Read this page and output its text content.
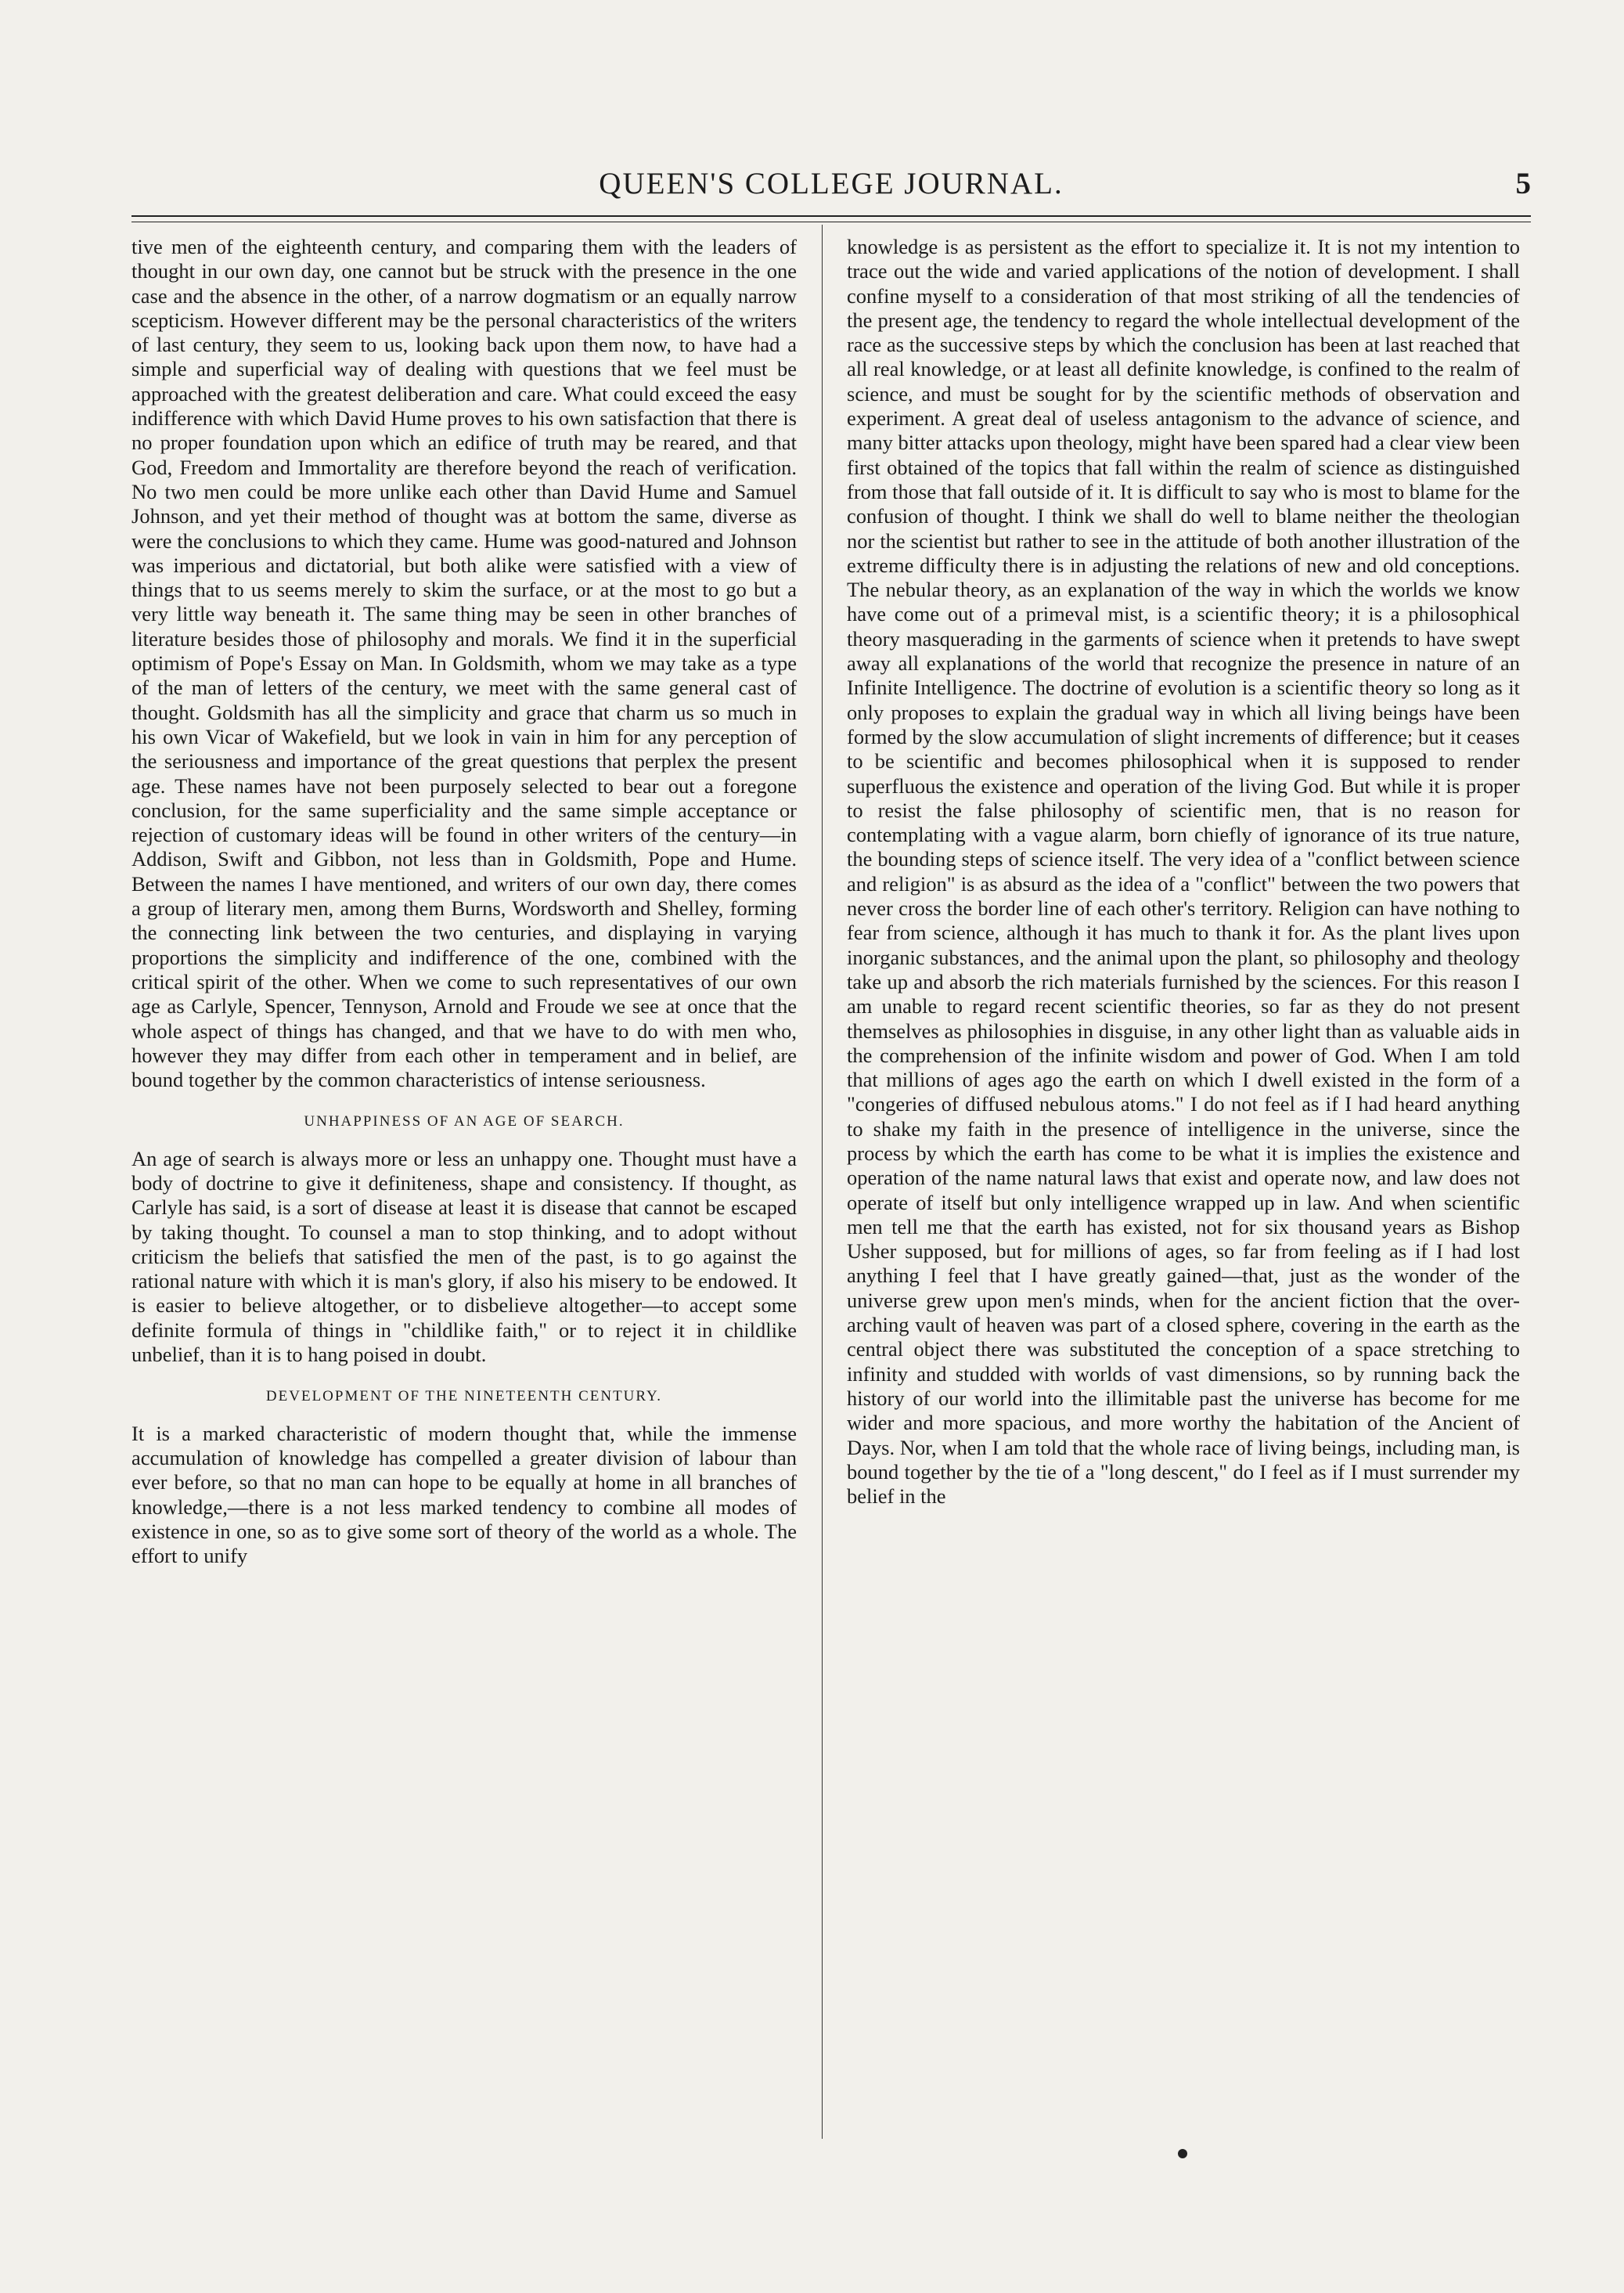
QUEEN'S COLLEGE JOURNAL.	5

tive men of the eighteenth century, and comparing them with the leaders of thought in our own day, one cannot but be struck with the presence in the one case and the absence in the other, of a narrow dogmatism or an equally narrow scepticism. However different may be the personal characteristics of the writers of last century, they seem to us, looking back upon them now, to have had a simple and superficial way of dealing with questions that we feel must be approached with the greatest deliberation and care. What could exceed the easy indifference with which David Hume proves to his own satisfaction that there is no proper foundation upon which an edifice of truth may be reared, and that God, Freedom and Immortality are therefore beyond the reach of verification. No two men could be more unlike each other than David Hume and Samuel Johnson, and yet their method of thought was at bottom the same, diverse as were the conclusions to which they came. Hume was good-natured and Johnson was imperious and dictatorial, but both alike were satisfied with a view of things that to us seems merely to skim the surface, or at the most to go but a very little way beneath it. The same thing may be seen in other branches of literature besides those of philosophy and morals. We find it in the superficial optimism of Pope's Essay on Man. In Goldsmith, whom we may take as a type of the man of letters of the century, we meet with the same general cast of thought. Goldsmith has all the simplicity and grace that charm us so much in his own Vicar of Wakefield, but we look in vain in him for any perception of the seriousness and importance of the great questions that perplex the present age. These names have not been purposely selected to bear out a foregone conclusion, for the same superficiality and the same simple acceptance or rejection of customary ideas will be found in other writers of the century—in Addison, Swift and Gibbon, not less than in Goldsmith, Pope and Hume. Between the names I have mentioned, and writers of our own day, there comes a group of literary men, among them Burns, Wordsworth and Shelley, forming the connecting link between the two centuries, and displaying in varying proportions the simplicity and indifference of the one, combined with the critical spirit of the other. When we come to such representatives of our own age as Carlyle, Spencer, Tennyson, Arnold and Froude we see at once that the whole aspect of things has changed, and that we have to do with men who, however they may differ from each other in temperament and in belief, are bound together by the common characteristics of intense seriousness.

UNHAPPINESS OF AN AGE OF SEARCH.

An age of search is always more or less an unhappy one. Thought must have a body of doctrine to give it definiteness, shape and consistency. If thought, as Carlyle has said, is a sort of disease at least it is disease that cannot be escaped by taking thought. To counsel a man to stop thinking, and to adopt without criticism the beliefs that satisfied the men of the past, is to go against the rational nature with which it is man's glory, if also his misery to be endowed. It is easier to believe altogether, or to disbelieve altogether—to accept some definite formula of things in "childlike faith," or to reject it in childlike unbelief, than it is to hang poised in doubt.

DEVELOPMENT OF THE NINETEENTH CENTURY.

It is a marked characteristic of modern thought that, while the immense accumulation of knowledge has compelled a greater division of labour than ever before, so that no man can hope to be equally at home in all branches of knowledge,—there is a not less marked tendency to combine all modes of existence in one, so as to give some sort of theory of the world as a whole. The effort to unify

knowledge is as persistent as the effort to specialize it. It is not my intention to trace out the wide and varied applications of the notion of development. I shall confine myself to a consideration of that most striking of all the tendencies of the present age, the tendency to regard the whole intellectual development of the race as the successive steps by which the conclusion has been at last reached that all real knowledge, or at least all definite knowledge, is confined to the realm of science, and must be sought for by the scientific methods of observation and experiment. A great deal of useless antagonism to the advance of science, and many bitter attacks upon theology, might have been spared had a clear view been first obtained of the topics that fall within the realm of science as distinguished from those that fall outside of it. It is difficult to say who is most to blame for the confusion of thought. I think we shall do well to blame neither the theologian nor the scientist but rather to see in the attitude of both another illustration of the extreme difficulty there is in adjusting the relations of new and old conceptions. The nebular theory, as an explanation of the way in which the worlds we know have come out of a primeval mist, is a scientific theory; it is a philosophical theory masquerading in the garments of science when it pretends to have swept away all explanations of the world that recognize the presence in nature of an Infinite Intelligence. The doctrine of evolution is a scientific theory so long as it only proposes to explain the gradual way in which all living beings have been formed by the slow accumulation of slight increments of difference; but it ceases to be scientific and becomes philosophical when it is supposed to render superfluous the existence and operation of the living God. But while it is proper to resist the false philosophy of scientific men, that is no reason for contemplating with a vague alarm, born chiefly of ignorance of its true nature, the bounding steps of science itself. The very idea of a "conflict between science and religion" is as absurd as the idea of a "conflict" between the two powers that never cross the border line of each other's territory. Religion can have nothing to fear from science, although it has much to thank it for. As the plant lives upon inorganic substances, and the animal upon the plant, so philosophy and theology take up and absorb the rich materials furnished by the sciences. For this reason I am unable to regard recent scientific theories, so far as they do not present themselves as philosophies in disguise, in any other light than as valuable aids in the comprehension of the infinite wisdom and power of God. When I am told that millions of ages ago the earth on which I dwell existed in the form of a "congeries of diffused nebulous atoms." I do not feel as if I had heard anything to shake my faith in the presence of intelligence in the universe, since the process by which the earth has come to be what it is implies the existence and operation of the name natural laws that exist and operate now, and law does not operate of itself but only intelligence wrapped up in law. And when scientific men tell me that the earth has existed, not for six thousand years as Bishop Usher supposed, but for millions of ages, so far from feeling as if I had lost anything I feel that I have greatly gained—that, just as the wonder of the universe grew upon men's minds, when for the ancient fiction that the over-arching vault of heaven was part of a closed sphere, covering in the earth as the central object there was substituted the conception of a space stretching to infinity and studded with worlds of vast dimensions, so by running back the history of our world into the illimitable past the universe has become for me wider and more spacious, and more worthy the habitation of the Ancient of Days. Nor, when I am told that the whole race of living beings, including man, is bound together by the tie of a "long descent," do I feel as if I must surrender my belief in the
